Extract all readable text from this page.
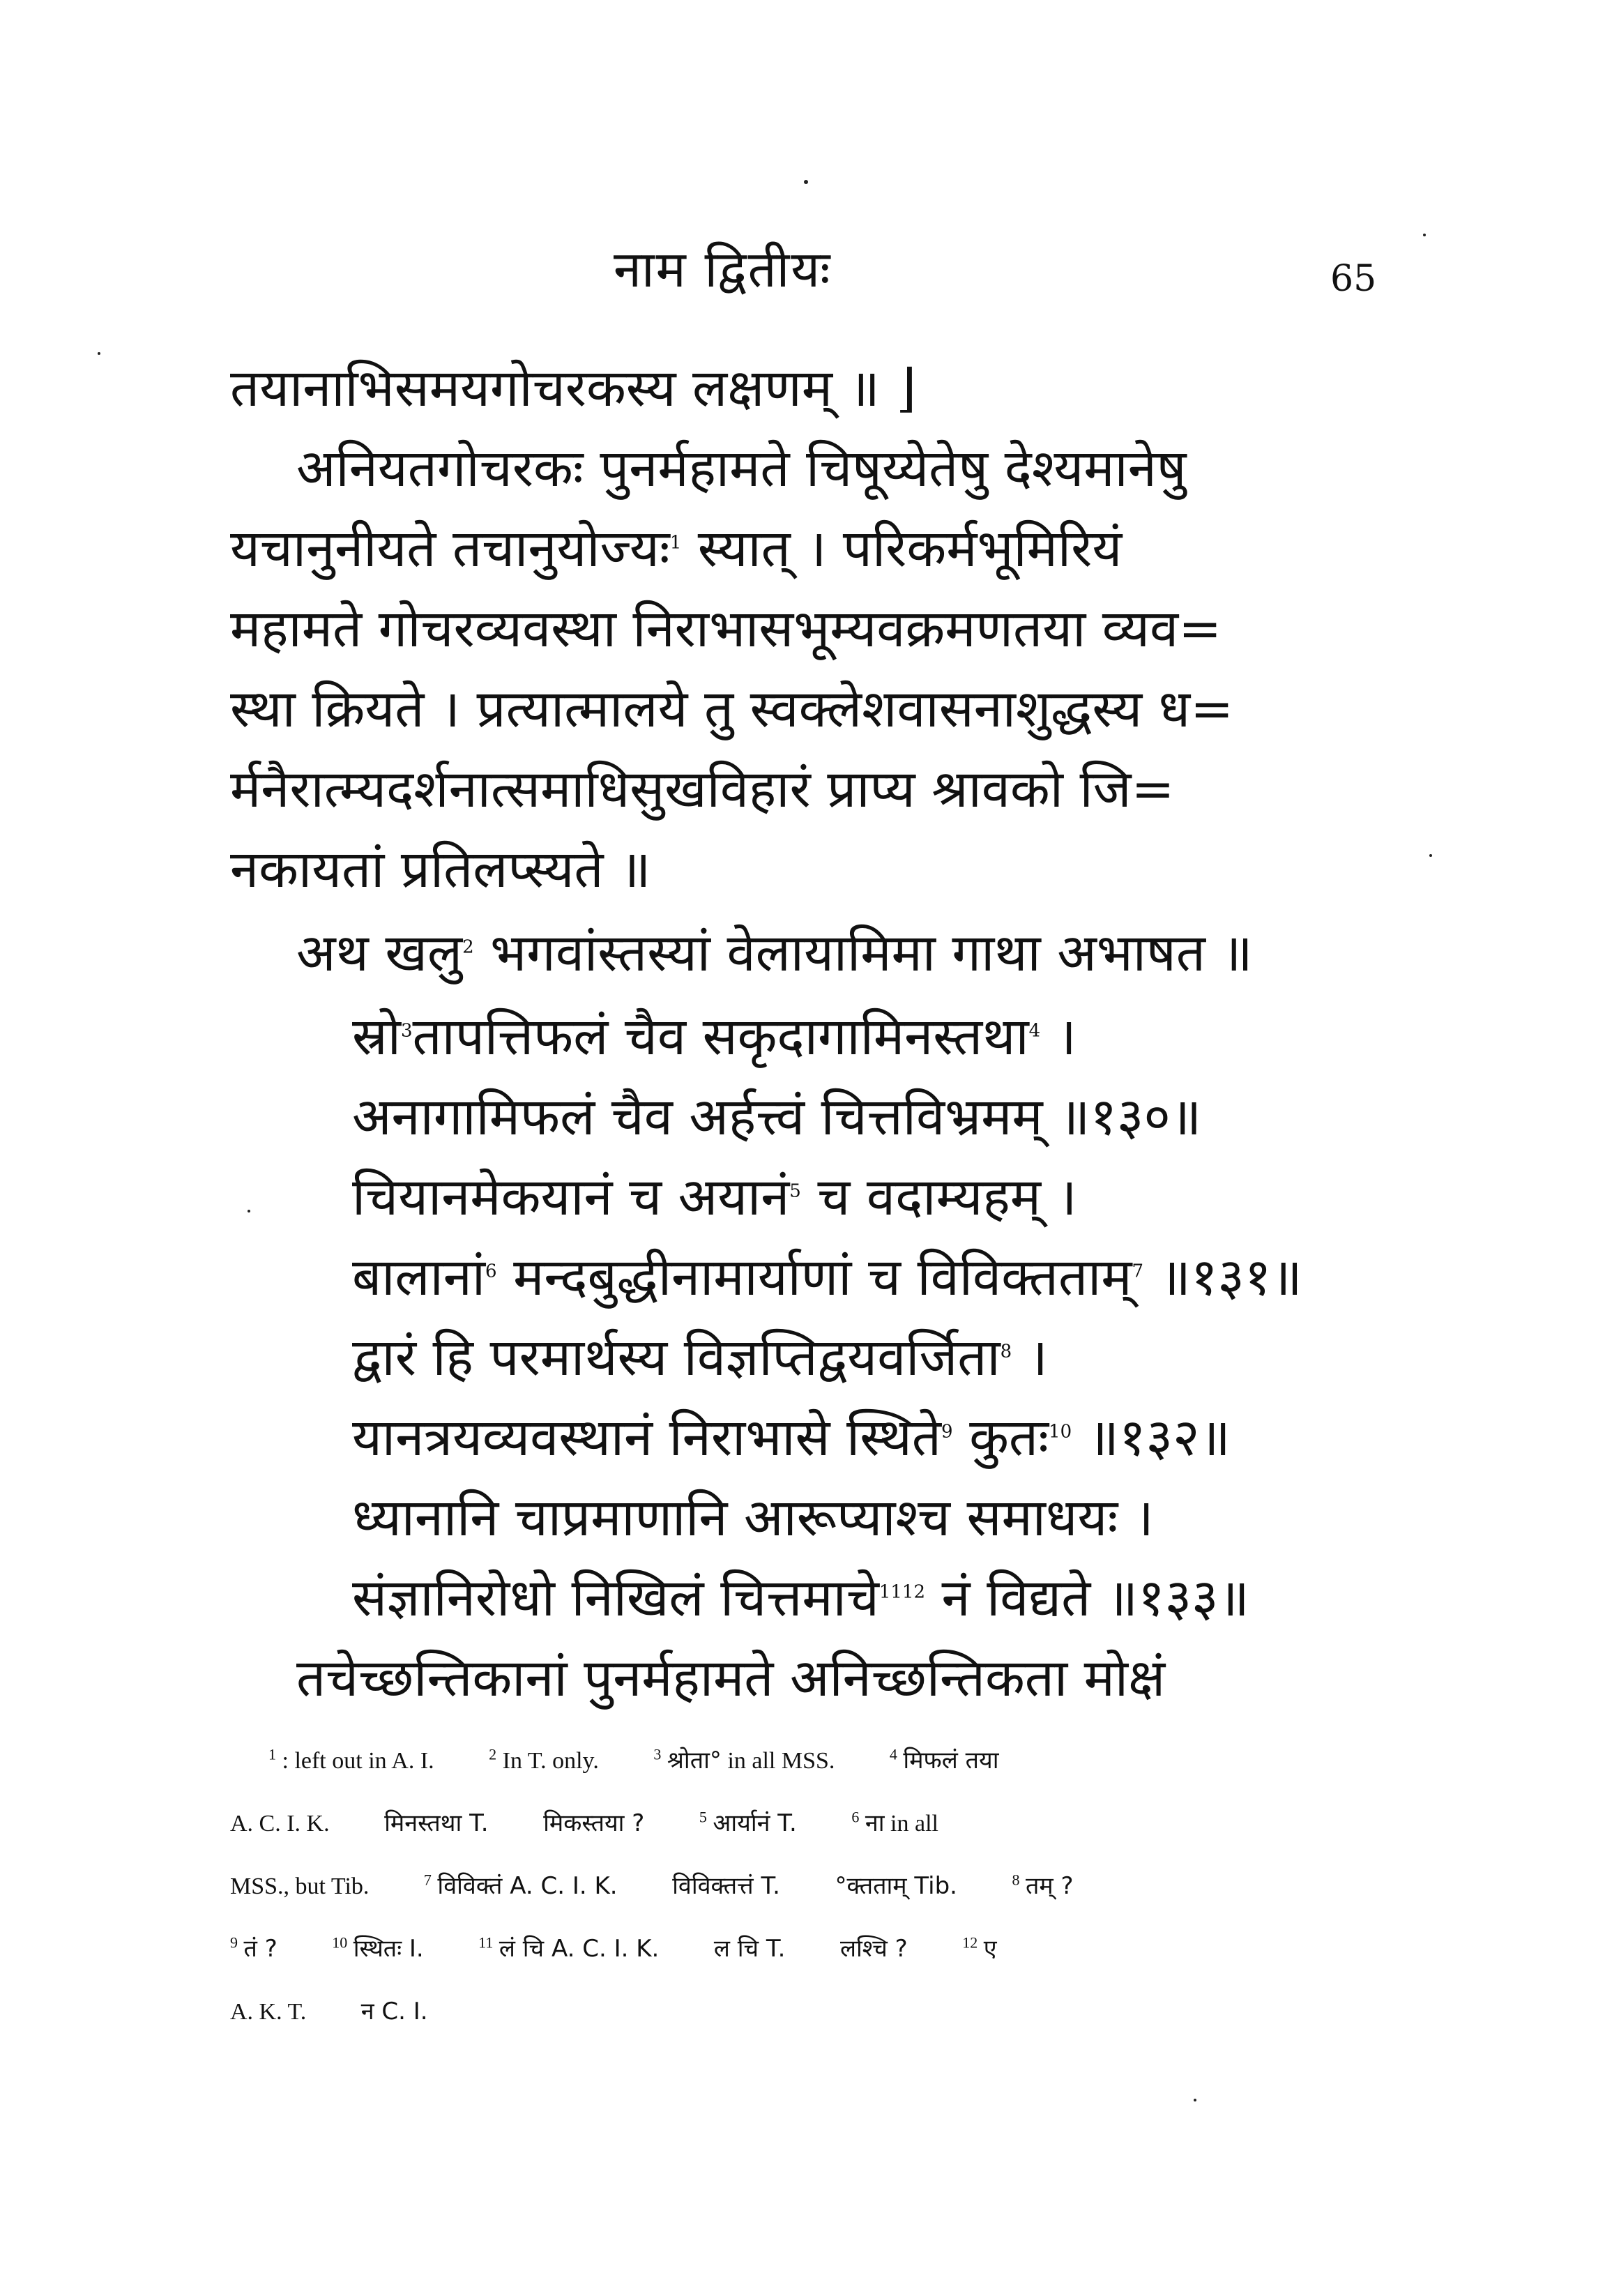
नाम द्वितीयः	65
तयानाभिसमयगोचरकस्य लक्षणम् ॥ ⌋
अनियतगोचरकः पुनर्महामते चिषूय्येतेषु देश्यमानेषु
यचानुनीयते तचानुयोज्यः$^1$ स्यात् । परिकर्मभूमिरियं
महामते गोचरव्यवस्था निराभासभूम्यवक्रमणतया व्यव=
स्था क्रियते । प्रत्यात्मालये तु स्वक्लेशवासनाशुद्धस्य ध=
र्मनैरात्म्यदर्शनात्समाधिसुखविहारं प्राप्य श्रावको जि=
नकायतां प्रतिलप्स्यते ॥
अथ खलु$^2$ भगवांस्तस्यां वेलायामिमा गाथा अभाषत ॥
स्रो$^3$तापत्तिफलं चैव सकृदागामिनस्तथा$^4$ ।
अनागामिफलं चैव अर्हत्त्वं चित्तविभ्रमम् ॥१३०॥
चियानमेकयानं च अयानं$^5$ च वदाम्यहम् ।
बालानां$^6$ मन्दबुद्धीनामार्याणां च विविक्तताम्$^7$ ॥१३१॥
द्वारं हि परमार्थस्य विज्ञप्तिद्वयवर्जिता$^8$ ।
यानत्रयव्यवस्थानं निराभासे स्थिते$^9$ कुतः$^{10}$ ॥१३२॥
ध्यानानि चाप्रमाणानि आरूप्याश्च समाधयः ।
संज्ञानिरोधो निखिलं चित्तमाचे$^{1112}$ नं विद्यते ॥१३३॥
तचेच्छन्तिकानां पुनर्महामते अनिच्छन्तिकता मोक्षं
$^1$ : left out in A. I.	$^2$ In T. only.	$^3$ श्रोता° in all MSS.	$^4$ मिफलं तया
A. C. I. K. मिनस्तथा T. मिकस्तया ?	$^5$ आर्यानं T.	$^6$ ना in all
MSS., but Tib.	$^7$ विविक्तं A. C. I. K. विविक्तत्तं T. °क्तताम् Tib.	$^8$ तम् ?
$^9$ तं ?	$^{10}$ स्थितः I.	$^{11}$ लं चि A. C. I. K. ल चि T. लश्चि ?	$^{12}$ ए
A. K. T. न C. I.
